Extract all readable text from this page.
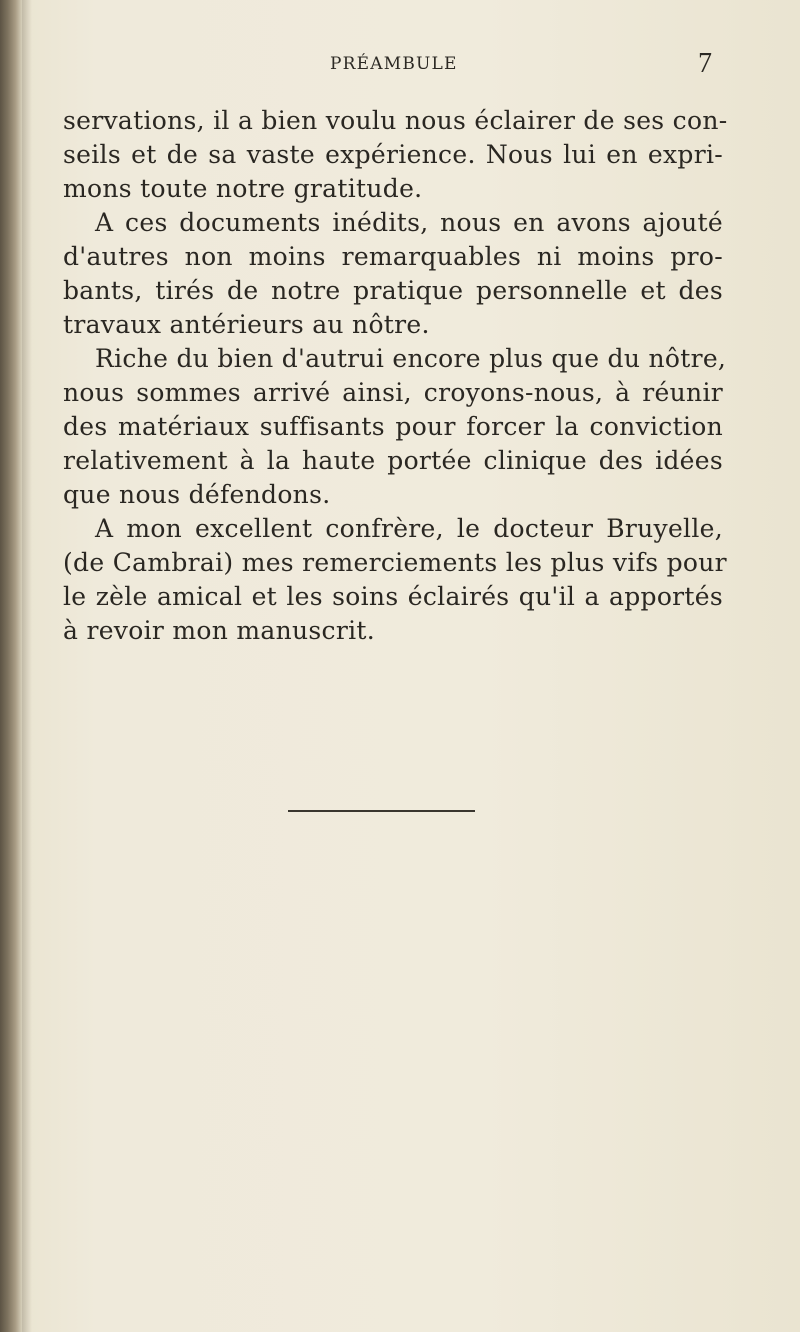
PRÉAMBULE	7
servations, il a bien voulu nous éclairer de ses con-
seils et de sa vaste expérience. Nous lui en expri-
mons toute notre gratitude.
A ces documents inédits, nous en avons ajouté
d'autres non moins remarquables ni moins pro-
bants, tirés de notre pratique personnelle et des
travaux antérieurs au nôtre.
Riche du bien d'autrui encore plus que du nôtre,
nous sommes arrivé ainsi, croyons-nous, à réunir
des matériaux suffisants pour forcer la conviction
relativement à la haute portée clinique des idées
que nous défendons.
A mon excellent confrère, le docteur Bruyelle,
(de Cambrai) mes remerciements les plus vifs pour
le zèle amical et les soins éclairés qu'il a apportés
à revoir mon manuscrit.
